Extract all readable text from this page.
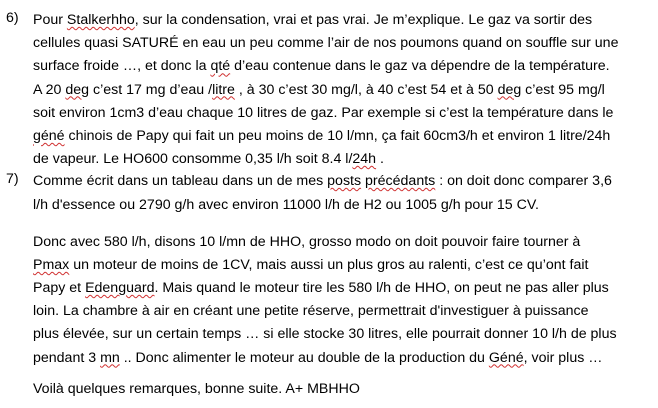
6) Pour Stalkerhho, sur la condensation, vrai et pas vrai. Je m’explique. Le gaz va sortir des
cellules quasi SATURÉ en eau un peu comme l’air de nos poumons quand on souffle sur une
surface froide …, et donc la qté d’eau contenue dans le gaz va dépendre de la température.
A 20 deg c’est 17 mg d’eau /litre , à 30 c’est 30 mg/l, à 40 c’est 54 et à 50 deg c’est 95 mg/l
soit environ 1cm3 d’eau chaque 10 litres de gaz. Par exemple si c’est la température dans le
géné chinois de Papy qui fait un peu moins de 10 l/mn, ça fait 60cm3/h et environ 1 litre/24h
de vapeur. Le HO600 consomme 0,35 l/h soit 8.4 l/24h .
7) Comme écrit dans un tableau dans un de mes posts précédants : on doit donc comparer 3,6
l/h d'essence ou 2790 g/h avec environ 11000 l/h de H2 ou 1005 g/h pour 15 CV.
Donc avec 580 l/h, disons 10 l/mn de HHO, grosso modo on doit pouvoir faire tourner à
Pmax un moteur de moins de 1CV, mais aussi un plus gros au ralenti, c’est ce qu’ont fait
Papy et Edenguard. Mais quand le moteur tire les 580 l/h de HHO, on peut ne pas aller plus
loin. La chambre à air en créant une petite réserve, permettrait d'investiguer à puissance
plus élevée, sur un certain temps … si elle stocke 30 litres, elle pourrait donner 10 l/h de plus
pendant 3 mn .. Donc alimenter le moteur au double de la production du Géné, voir plus …
Voilà quelques remarques, bonne suite. A+ MBHHO
